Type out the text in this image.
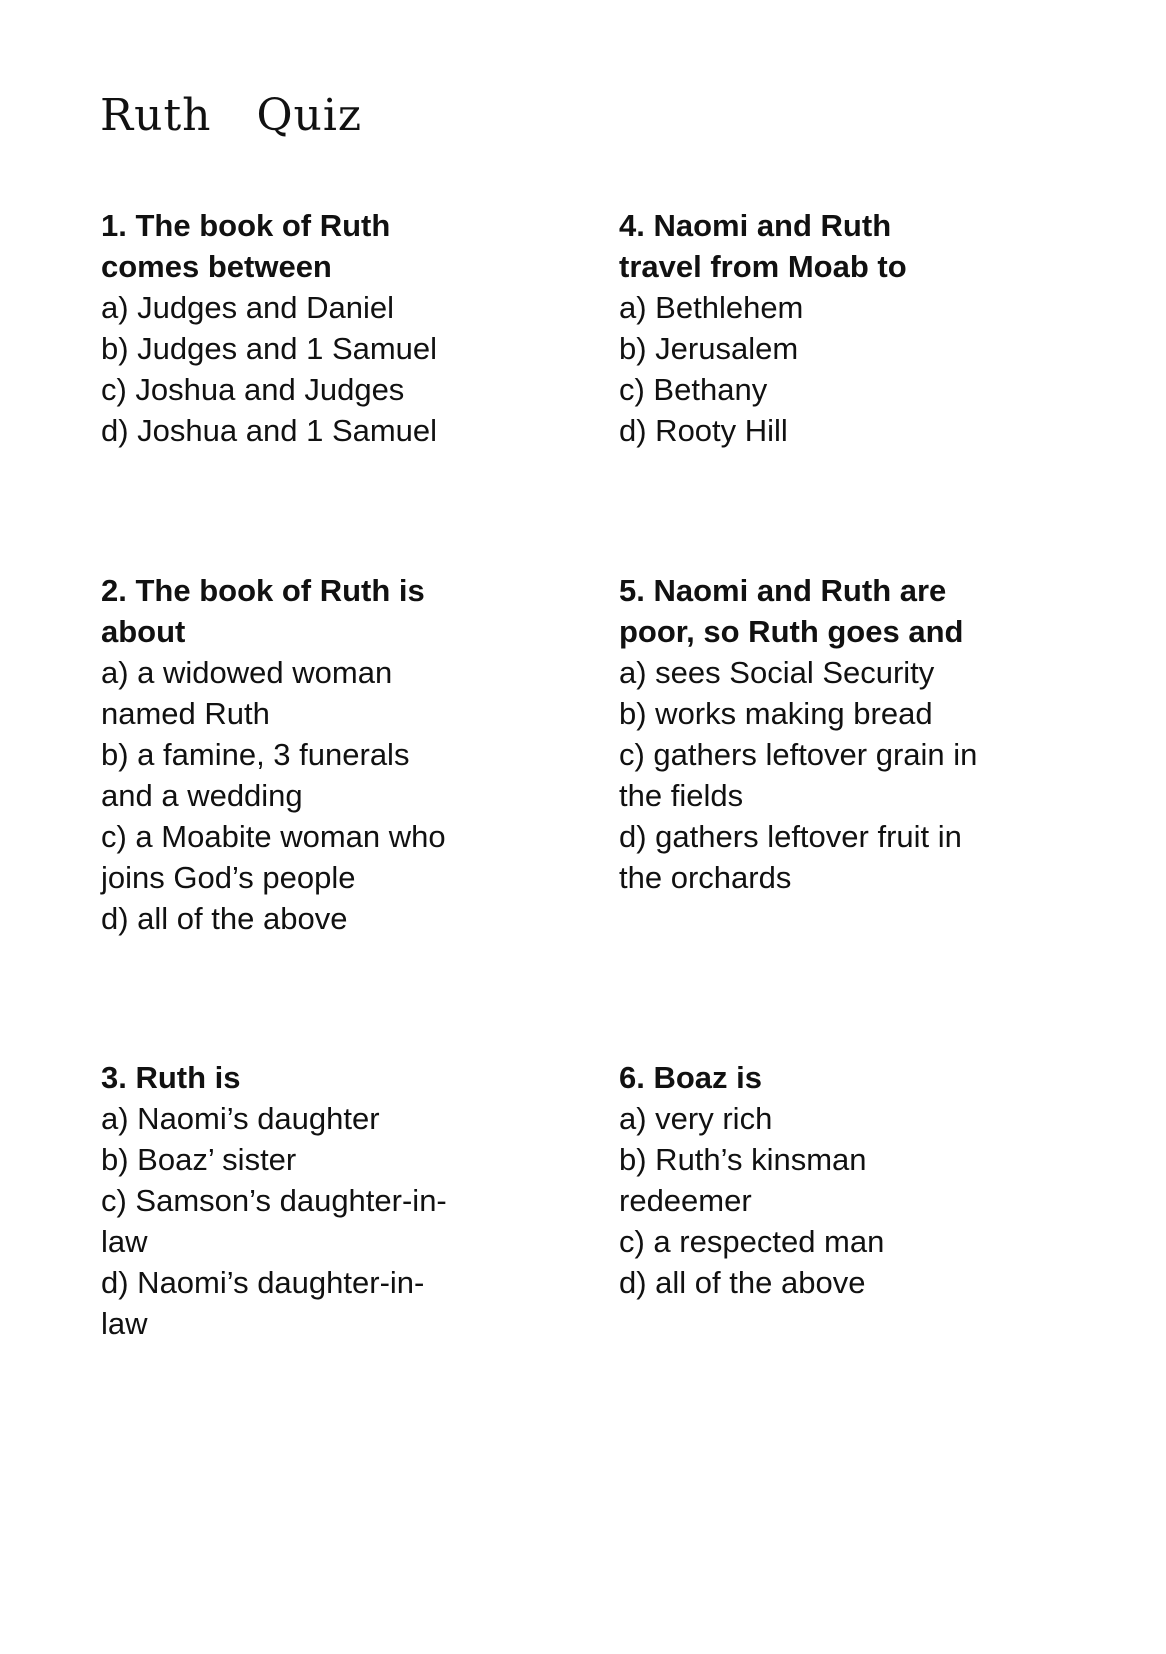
Ruth   Quiz
1. The book of Ruth
comes between
a) Judges and Daniel
b) Judges and 1 Samuel
c) Joshua and Judges
d) Joshua and 1 Samuel
2. The book of Ruth is
about
a) a widowed woman
named Ruth
b) a famine, 3 funerals
and a wedding
c) a Moabite woman who
joins God’s people
d) all of the above
3. Ruth is
a) Naomi’s daughter
b) Boaz’ sister
c) Samson’s daughter-in-
law
d) Naomi’s daughter-in-
law
4. Naomi and Ruth
travel from Moab to
a) Bethlehem
b) Jerusalem
c) Bethany
d) Rooty Hill
5. Naomi and Ruth are
poor, so Ruth goes and
a) sees Social Security
b) works making bread
c) gathers leftover grain in
the fields
d) gathers leftover fruit in
the orchards
6. Boaz is
a) very rich
b) Ruth’s kinsman
redeemer
c) a respected man
d) all of the above
